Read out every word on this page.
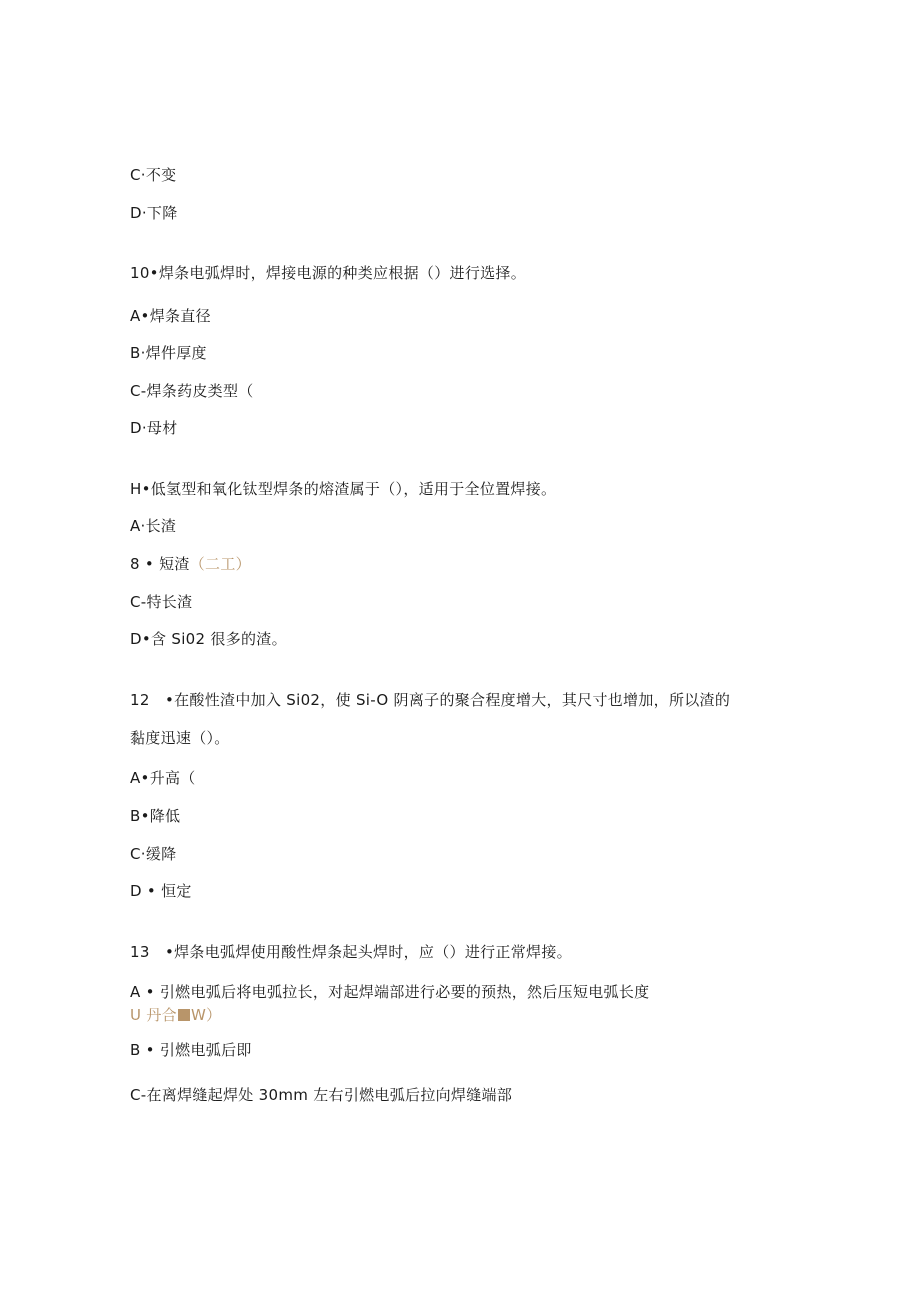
C·不变
D·下降
10•焊条电弧焊时，焊接电源的种类应根据（）进行选择。
A•焊条直径
B·焊件厚度
C-焊条药皮类型（
D·母材
H•低氢型和氧化钛型焊条的熔渣属于（），适用于全位置焊接。
A·长渣
8 • 短渣（二工）
C-特长渣
D•含 Si02 很多的渣。
12　•在酸性渣中加入 Si02，使 Si-O 阴离子的聚合程度增大，其尺寸也增加，所以渣的
黏度迅速（）。
A•升高（
B•降低
C·缓降
D • 恒定
13　•焊条电弧焊使用酸性焊条起头焊时，应（）进行正常焊接。
A • 引燃电弧后将电弧拉长，对起焊端部进行必要的预热，然后压短电弧长度
U 丹合 W）
B • 引燃电弧后即
C-在离焊缝起焊处 30mm 左右引燃电弧后拉向焊缝端部
